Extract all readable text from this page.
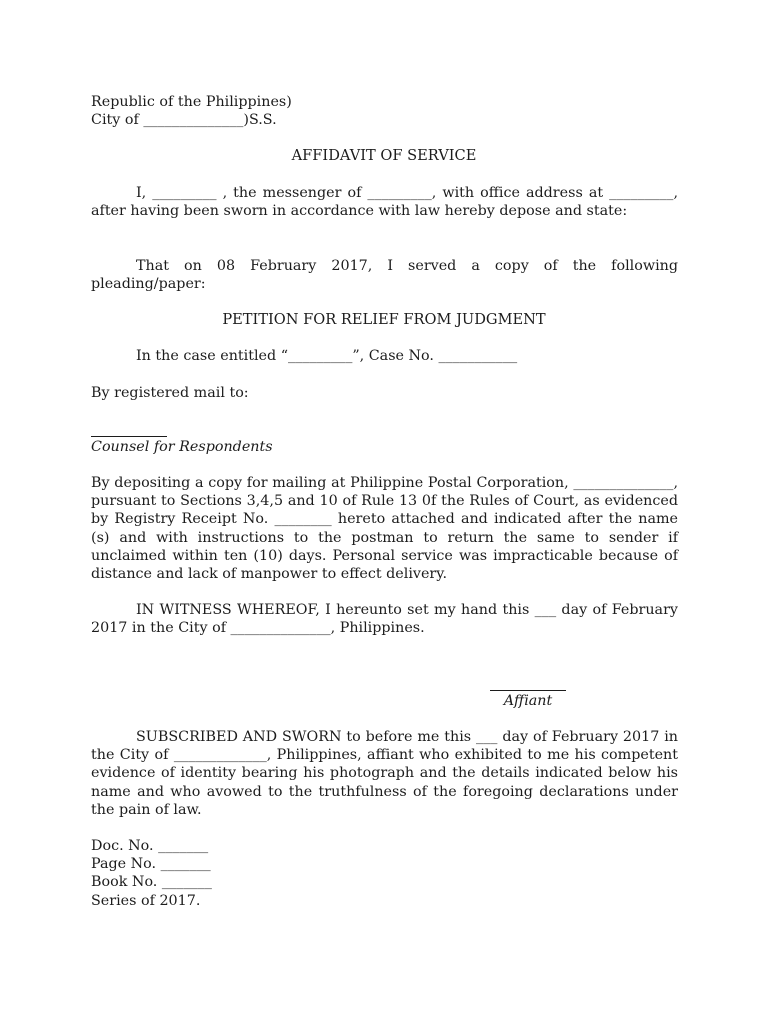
Republic of the Philippines)
City of ______________)S.S.
AFFIDAVIT OF SERVICE

I, _________ , the messenger of _________, with office address at _________, after having been sworn in accordance with law hereby depose and state:

That on 08 February 2017, I served a copy of the following pleading/paper:

PETITION FOR RELIEF FROM JUDGMENT

In the case entitled “_________”, Case No. ___________

By registered mail to:

Counsel for Respondents

By depositing a copy for mailing at Philippine Postal Corporation, ______________, pursuant to Sections 3,4,5 and 10 of Rule 13 0f the Rules of Court, as evidenced by Registry Receipt No. ________ hereto attached and indicated after the name (s) and with instructions to the postman to return the same to sender if unclaimed within ten (10) days. Personal service was impracticable because of distance and lack of manpower to effect delivery.

IN WITNESS WHEREOF, I hereunto set my hand this ___ day of February 2017 in the City of ______________, Philippines.

Affiant

SUBSCRIBED AND SWORN to before me this ___ day of February 2017 in the City of _____________, Philippines, affiant who exhibited to me his competent evidence of identity bearing his photograph and the details indicated below his name and who avowed to the truthfulness of the foregoing declarations under the pain of law.

Doc. No. _______
Page No. _______
Book No. _______
Series of 2017.
